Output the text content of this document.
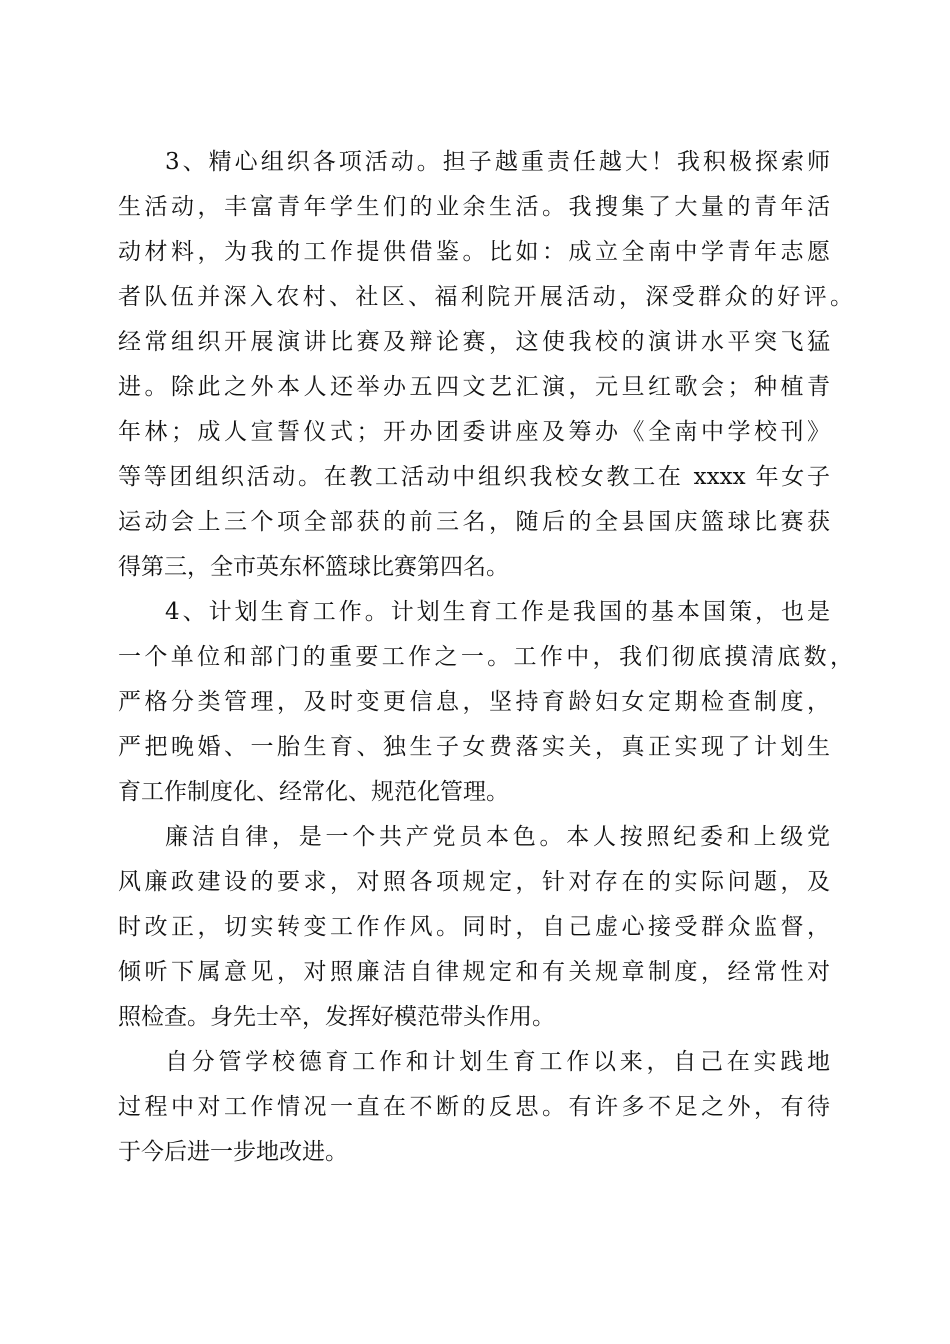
3、精心组织各项活动。担子越重责任越大！我积极探索师
生活动，丰富青年学生们的业余生活。我搜集了大量的青年活
动材料，为我的工作提供借鉴。比如：成立全南中学青年志愿
者队伍并深入农村、社区、福利院开展活动，深受群众的好评。
经常组织开展演讲比赛及辩论赛，这使我校的演讲水平突飞猛
进。除此之外本人还举办五四文艺汇演，元旦红歌会；种植青
年林；成人宣誓仪式；开办团委讲座及筹办《全南中学校刊》
等等团组织活动。在教工活动中组织我校女教工在 xxxx 年女子
运动会上三个项全部获的前三名，随后的全县国庆篮球比赛获
得第三，全市英东杯篮球比赛第四名。
4、计划生育工作。计划生育工作是我国的基本国策，也是
一个单位和部门的重要工作之一。工作中，我们彻底摸清底数，
严格分类管理，及时变更信息，坚持育龄妇女定期检查制度，
严把晚婚、一胎生育、独生子女费落实关，真正实现了计划生
育工作制度化、经常化、规范化管理。
廉洁自律，是一个共产党员本色。本人按照纪委和上级党
风廉政建设的要求，对照各项规定，针对存在的实际问题，及
时改正，切实转变工作作风。同时，自己虚心接受群众监督，
倾听下属意见，对照廉洁自律规定和有关规章制度，经常性对
照检查。身先士卒，发挥好模范带头作用。
自分管学校德育工作和计划生育工作以来，自己在实践地
过程中对工作情况一直在不断的反思。有许多不足之外，有待
于今后进一步地改进。
